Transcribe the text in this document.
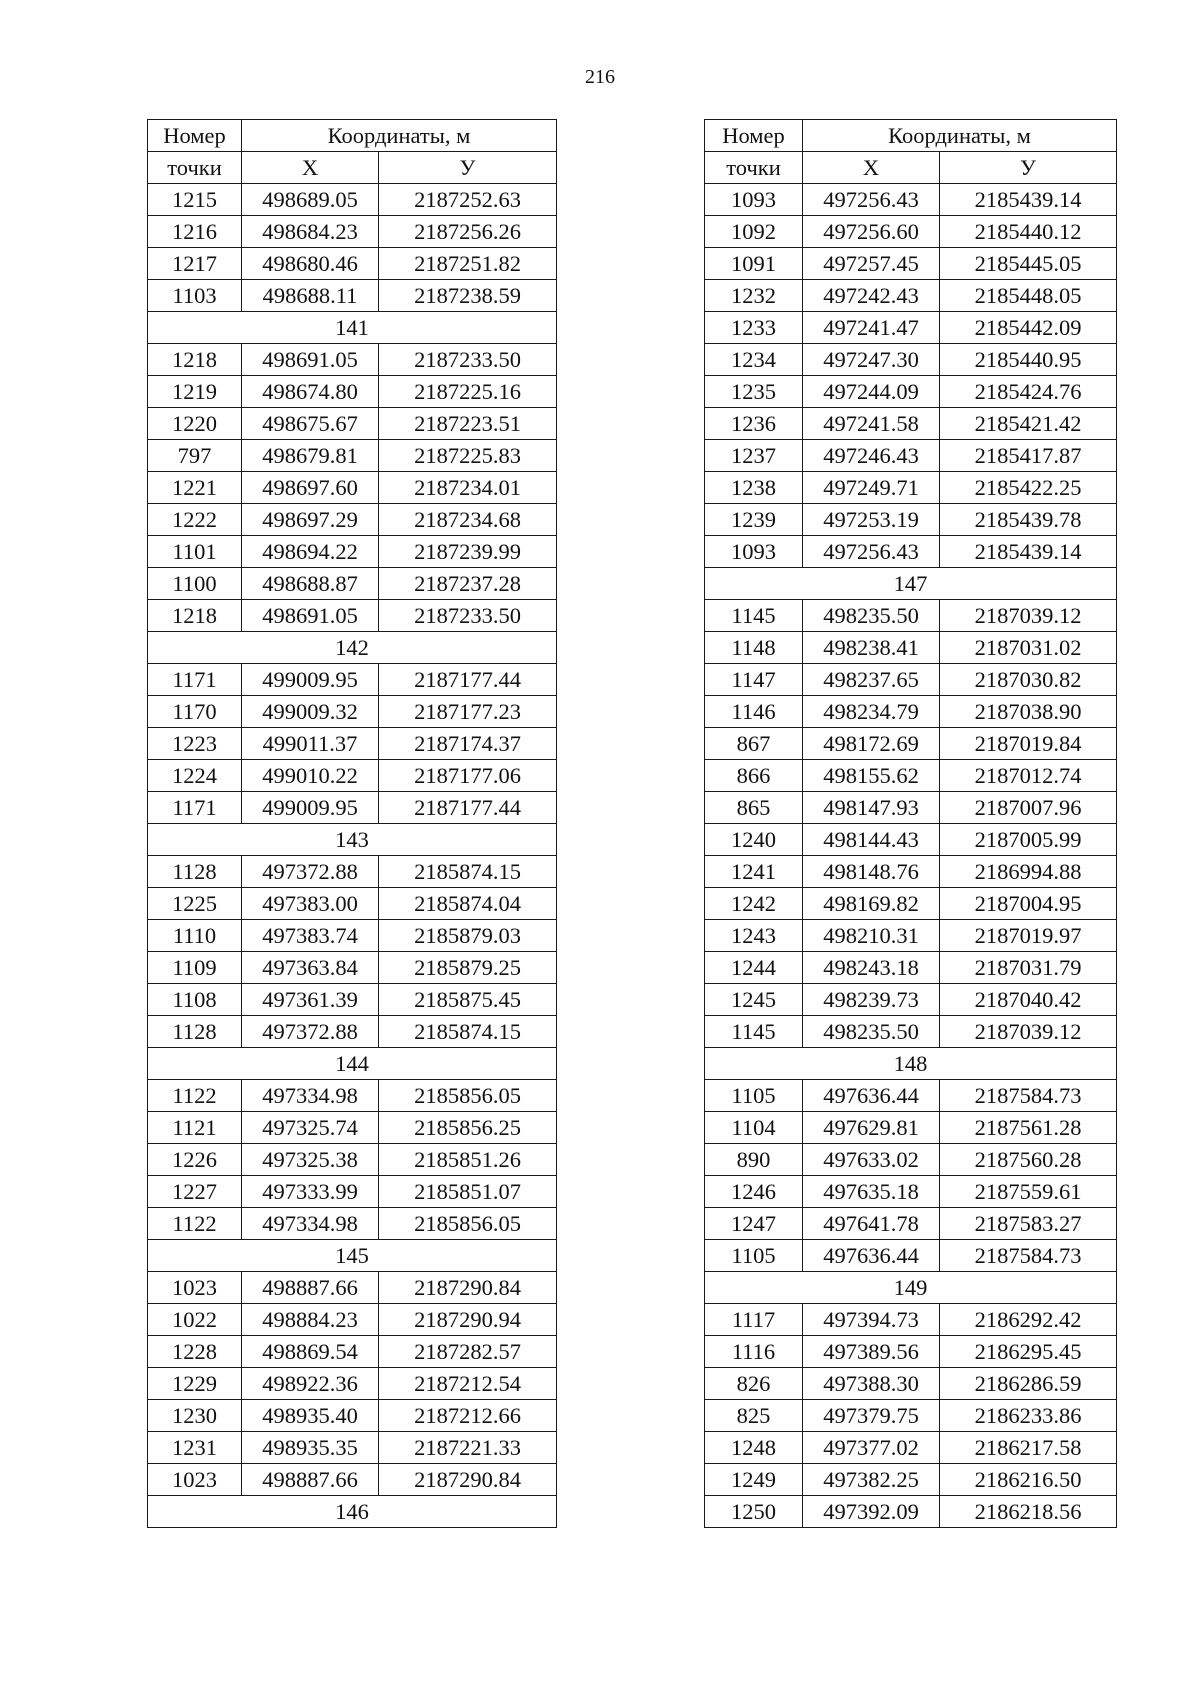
216
Номер	Координаты, м	
точки	X	У
1215	498689.05	2187252.63
1216	498684.23	2187256.26
1217	498680.46	2187251.82
1103	498688.11	2187238.59
141		
1218	498691.05	2187233.50
1219	498674.80	2187225.16
1220	498675.67	2187223.51
797	498679.81	2187225.83
1221	498697.60	2187234.01
1222	498697.29	2187234.68
1101	498694.22	2187239.99
1100	498688.87	2187237.28
1218	498691.05	2187233.50
142		
1171	499009.95	2187177.44
1170	499009.32	2187177.23
1223	499011.37	2187174.37
1224	499010.22	2187177.06
1171	499009.95	2187177.44
143		
1128	497372.88	2185874.15
1225	497383.00	2185874.04
1110	497383.74	2185879.03
1109	497363.84	2185879.25
1108	497361.39	2185875.45
1128	497372.88	2185874.15
144		
1122	497334.98	2185856.05
1121	497325.74	2185856.25
1226	497325.38	2185851.26
1227	497333.99	2185851.07
1122	497334.98	2185856.05
145		
1023	498887.66	2187290.84
1022	498884.23	2187290.94
1228	498869.54	2187282.57
1229	498922.36	2187212.54
1230	498935.40	2187212.66
1231	498935.35	2187221.33
1023	498887.66	2187290.84
146		
Номер	Координаты, м	
точки	X	У
1093	497256.43	2185439.14
1092	497256.60	2185440.12
1091	497257.45	2185445.05
1232	497242.43	2185448.05
1233	497241.47	2185442.09
1234	497247.30	2185440.95
1235	497244.09	2185424.76
1236	497241.58	2185421.42
1237	497246.43	2185417.87
1238	497249.71	2185422.25
1239	497253.19	2185439.78
1093	497256.43	2185439.14
147		
1145	498235.50	2187039.12
1148	498238.41	2187031.02
1147	498237.65	2187030.82
1146	498234.79	2187038.90
867	498172.69	2187019.84
866	498155.62	2187012.74
865	498147.93	2187007.96
1240	498144.43	2187005.99
1241	498148.76	2186994.88
1242	498169.82	2187004.95
1243	498210.31	2187019.97
1244	498243.18	2187031.79
1245	498239.73	2187040.42
1145	498235.50	2187039.12
148		
1105	497636.44	2187584.73
1104	497629.81	2187561.28
890	497633.02	2187560.28
1246	497635.18	2187559.61
1247	497641.78	2187583.27
1105	497636.44	2187584.73
149		
1117	497394.73	2186292.42
1116	497389.56	2186295.45
826	497388.30	2186286.59
825	497379.75	2186233.86
1248	497377.02	2186217.58
1249	497382.25	2186216.50
1250	497392.09	2186218.56
